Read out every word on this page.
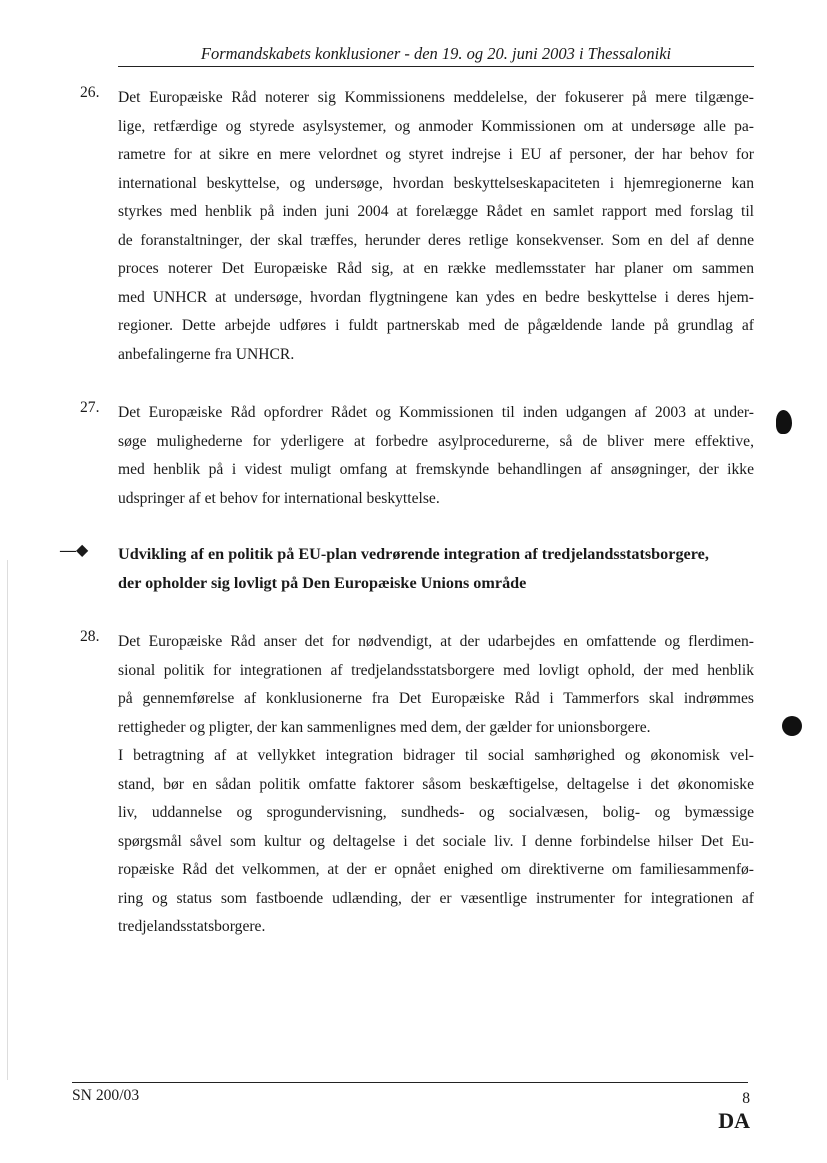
Formandskabets konklusioner - den 19. og 20. juni 2003 i Thessaloniki
26. Det Europæiske Råd noterer sig Kommissionens meddelelse, der fokuserer på mere tilgænge-
lige, retfærdige og styrede asylsystemer, og anmoder Kommissionen om at undersøge alle pa-
rametre for at sikre en mere velordnet og styret indrejse i EU af personer, der har behov for
international beskyttelse, og undersøge, hvordan beskyttelseskapaciteten i hjemregionerne kan
styrkes med henblik på inden juni 2004 at forelægge Rådet en samlet rapport med forslag til
de foranstaltninger, der skal træffes, herunder deres retlige konsekvenser. Som en del af denne
proces noterer Det Europæiske Råd sig, at en række medlemsstater har planer om sammen
med UNHCR at undersøge, hvordan flygtningene kan ydes en bedre beskyttelse i deres hjem-
regioner. Dette arbejde udføres i fuldt partnerskab med de pågældende lande på grundlag af
anbefalingerne fra UNHCR.
27. Det Europæiske Råd opfordrer Rådet og Kommissionen til inden udgangen af 2003 at under-
søge mulighederne for yderligere at forbedre asylprocedurerne, så de bliver mere effektive,
med henblik på i videst muligt omfang at fremskynde behandlingen af ansøgninger, der ikke
udspringer af et behov for international beskyttelse.
—◆ Udvikling af en politik på EU-plan vedrørende integration af tredjelandsstatsborgere,
der opholder sig lovligt på Den Europæiske Unions område
28. Det Europæiske Råd anser det for nødvendigt, at der udarbejdes en omfattende og flerdimen-
sional politik for integrationen af tredjelandsstatsborgere med lovligt ophold, der med henblik
på gennemførelse af konklusionerne fra Det Europæiske Råd i Tammerfors skal indrømmes
rettigheder og pligter, der kan sammenlignes med dem, der gælder for unionsborgere.
I betragtning af at vellykket integration bidrager til social samhørighed og økonomisk vel-
stand, bør en sådan politik omfatte faktorer såsom beskæftigelse, deltagelse i det økonomiske
liv, uddannelse og sprogundervisning, sundheds- og socialvæsen, bolig- og bymæssige
spørgsmål såvel som kultur og deltagelse i det sociale liv. I denne forbindelse hilser Det Eu-
ropæiske Råd det velkommen, at der er opnået enighed om direktiverne om familiesammenfø-
ring og status som fastboende udlænding, der er væsentlige instrumenter for integrationen af
tredjelandsstatsborgere.
SN 200/03	8
DA
